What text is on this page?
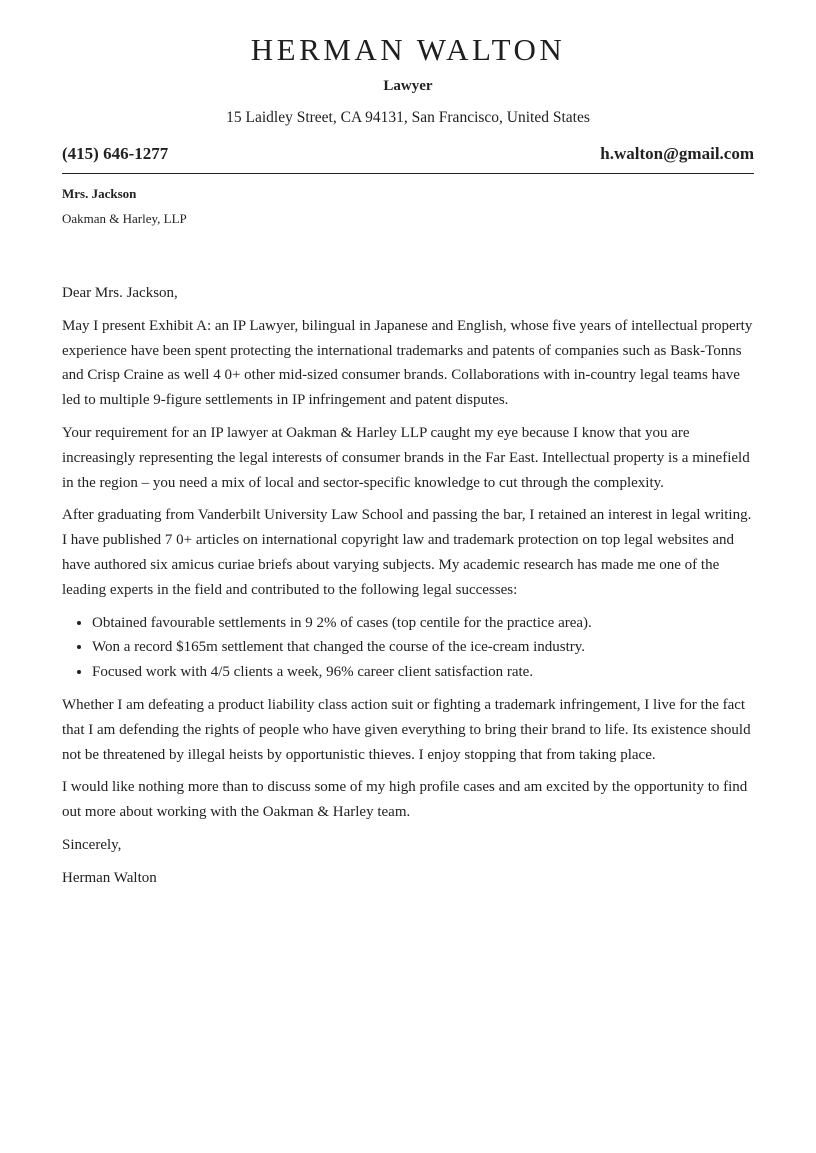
HERMAN WALTON
Lawyer
15 Laidley Street, CA 94131, San Francisco, United States
(415) 646-1277	h.walton@gmail.com
Mrs. Jackson
Oakman & Harley, LLP

Dear Mrs. Jackson,

May I present Exhibit A: an IP Lawyer, bilingual in Japanese and English, whose five years of intellectual property experience have been spent protecting the international trademarks and patents of companies such as Bask-Tonns and Crisp Craine as well 4 0+ other mid-sized consumer brands. Collaborations with in-country legal teams have led to multiple 9-figure settlements in IP infringement and patent disputes.

Your requirement for an IP lawyer at Oakman & Harley LLP caught my eye because I know that you are increasingly representing the legal interests of consumer brands in the Far East. Intellectual property is a minefield in the region – you need a mix of local and sector-specific knowledge to cut through the complexity.

After graduating from Vanderbilt University Law School and passing the bar, I retained an interest in legal writing. I have published 7 0+ articles on international copyright law and trademark protection on top legal websites and have authored six amicus curiae briefs about varying subjects. My academic research has made me one of the leading experts in the field and contributed to the following legal successes:

• Obtained favourable settlements in 9 2% of cases (top centile for the practice area).
• Won a record $165m settlement that changed the course of the ice-cream industry.
• Focused work with 4/5 clients a week, 96% career client satisfaction rate.

Whether I am defeating a product liability class action suit or fighting a trademark infringement, I live for the fact that I am defending the rights of people who have given everything to bring their brand to life. Its existence should not be threatened by illegal heists by opportunistic thieves. I enjoy stopping that from taking place.

I would like nothing more than to discuss some of my high profile cases and am excited by the opportunity to find out more about working with the Oakman & Harley team.

Sincerely,

Herman Walton
